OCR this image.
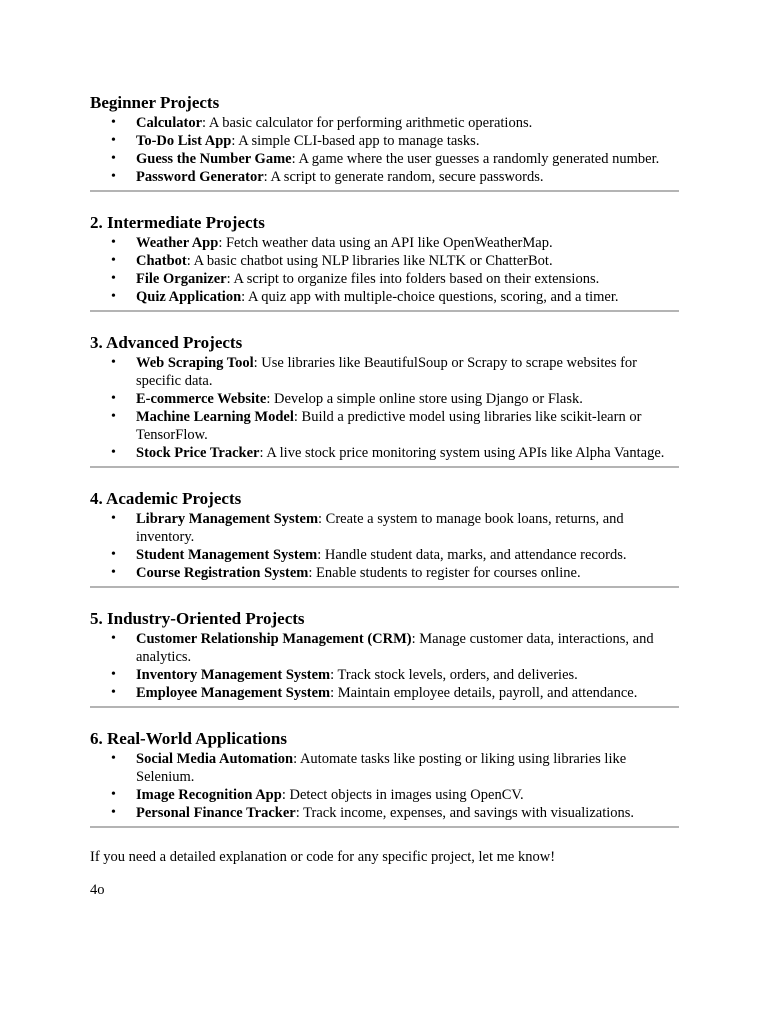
Beginner Projects
• Calculator: A basic calculator for performing arithmetic operations.
• To-Do List App: A simple CLI-based app to manage tasks.
• Guess the Number Game: A game where the user guesses a randomly generated number.
• Password Generator: A script to generate random, secure passwords.
2. Intermediate Projects
• Weather App: Fetch weather data using an API like OpenWeatherMap.
• Chatbot: A basic chatbot using NLP libraries like NLTK or ChatterBot.
• File Organizer: A script to organize files into folders based on their extensions.
• Quiz Application: A quiz app with multiple-choice questions, scoring, and a timer.
3. Advanced Projects
• Web Scraping Tool: Use libraries like BeautifulSoup or Scrapy to scrape websites for specific data.
• E-commerce Website: Develop a simple online store using Django or Flask.
• Machine Learning Model: Build a predictive model using libraries like scikit-learn or TensorFlow.
• Stock Price Tracker: A live stock price monitoring system using APIs like Alpha Vantage.
4. Academic Projects
• Library Management System: Create a system to manage book loans, returns, and inventory.
• Student Management System: Handle student data, marks, and attendance records.
• Course Registration System: Enable students to register for courses online.
5. Industry-Oriented Projects
• Customer Relationship Management (CRM): Manage customer data, interactions, and analytics.
• Inventory Management System: Track stock levels, orders, and deliveries.
• Employee Management System: Maintain employee details, payroll, and attendance.
6. Real-World Applications
• Social Media Automation: Automate tasks like posting or liking using libraries like Selenium.
• Image Recognition App: Detect objects in images using OpenCV.
• Personal Finance Tracker: Track income, expenses, and savings with visualizations.

If you need a detailed explanation or code for any specific project, let me know!

4o
